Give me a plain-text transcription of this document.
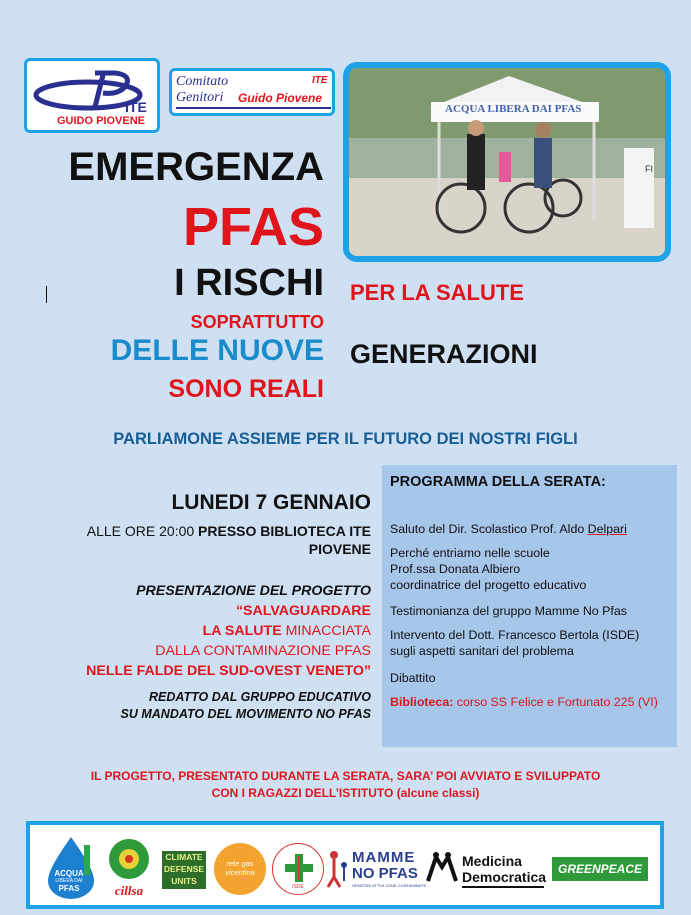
ITE
GUIDO PIOVENE
Comitato
Genitori
ITE
Guido Piovene
ACQUA LIBERA DAI PFAS
FI
EMERGENZA
PFAS
I RISCHI PER LA SALUTE
SOPRATTUTTO
DELLE NUOVE GENERAZIONI
SONO REALI
PARLIAMONE ASSIEME PER IL FUTURO DEI NOSTRI FIGLI
LUNEDI 7 GENNAIO
ALLE ORE 20:00 PRESSO BIBLIOTECA ITE
PIOVENE
PRESENTAZIONE DEL PROGETTO
“SALVAGUARDARE
LA SALUTE MINACCIATA
DALLA CONTAMINAZIONE PFAS
NELLE FALDE DEL SUD-OVEST VENETO”
REDATTO DAL GRUPPO EDUCATIVO
SU MANDATO DEL MOVIMENTO NO PFAS
PROGRAMMA DELLA SERATA:
Saluto del Dir. Scolastico Prof. Aldo Delpari
Perché entriamo nelle scuole
Prof.ssa Donata Albiero
coordinatrice del progetto educativo
Testimonianza del gruppo Mamme No Pfas
Intervento del Dott. Francesco Bertola (ISDE)
sugli aspetti sanitari del problema
Dibattito
Biblioteca: corso SS Felice e Fortunato 225 (VI)
IL PROGETTO, PRESENTATO DURANTE LA SERATA, SARA’ POI AVVIATO E SVILUPPATO
CON I RAGAZZI DELL’ISTITUTO (alcune classi)
ACQUA
LIBERA DAI
PFAS	cillsa
CLIMATE
DEFENSE
UNITS
rete gas vicentina
ISDE
MAMME
NO PFAS
GENITORI ATTIVI ZONE CONTAMINATE
Medicina
Democratica GREENPEACE
